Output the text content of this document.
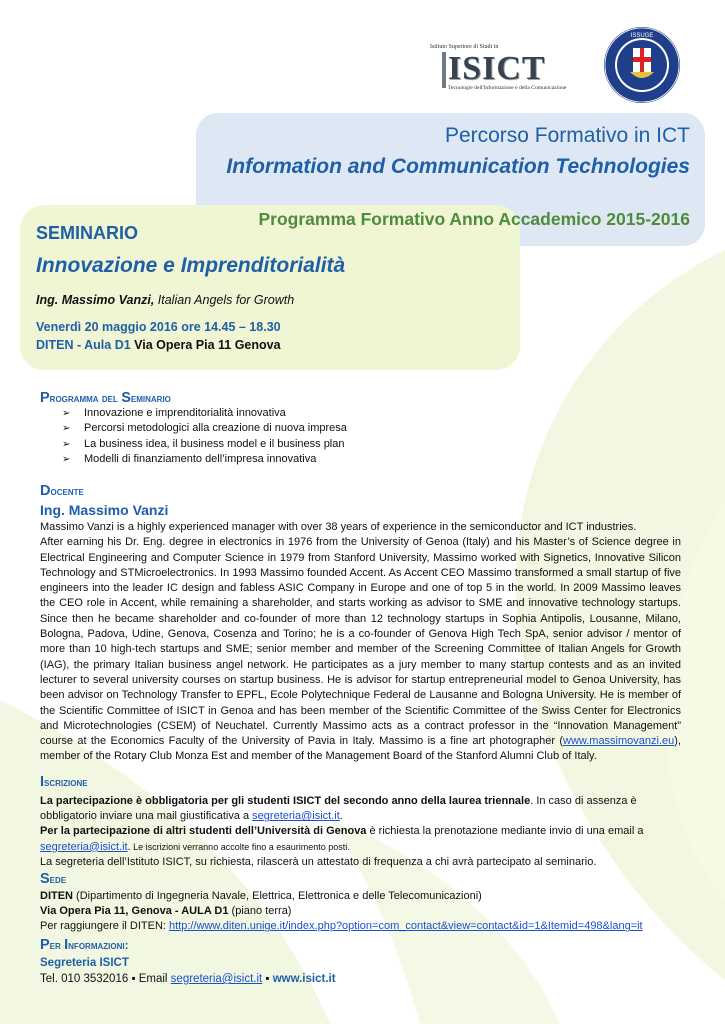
Istituto Superiore di Studi in
ISICT
Tecnologie dell'Informazione e della Comunicazione
ISSUGE
Percorso Formativo in ICT
Information and Communication Technologies
Programma Formativo Anno Accademico 2015-2016
SEMINARIO
Innovazione e Imprenditorialità
Ing. Massimo Vanzi, Italian Angels for Growth
Venerdì 20 maggio 2016 ore 14.45 – 18.30
DITEN - Aula D1 Via Opera Pia 11 Genova
Programma del Seminario
➢ Innovazione e imprenditorialità innovativa
➢ Percorsi metodologici alla creazione di nuova impresa
➢ La business idea, il business model e il business plan
➢ Modelli di finanziamento dell’impresa innovativa
Docente
Ing. Massimo Vanzi

Massimo Vanzi is a highly experienced manager with over 38 years of experience in the semiconductor and ICT industries.

After earning his Dr. Eng. degree in electronics in 1976 from the University of Genoa (Italy) and his Master’s of Science degree in Electrical Engineering and Computer Science in 1979 from Stanford University, Massimo worked with Signetics, Innovative Silicon Technology and STMicroelectronics. In 1993 Massimo founded Accent. As Accent CEO Massimo transformed a small startup of five engineers into the leader IC design and fabless ASIC Company in Europe and one of top 5 in the world. In 2009 Massimo leaves the CEO role in Accent, while remaining a shareholder, and starts working as advisor to SME and innovative technology startups. Since then he became shareholder and co-founder of more than 12 technology startups in Sophia Antipolis, Lousanne, Milano, Bologna, Padova, Udine, Genova, Cosenza and Torino; he is a co-founder of Genova High Tech SpA, senior advisor / mentor of more than 10 high-tech startups and SME; senior member and member of the Screening Committee of Italian Angels for Growth (IAG), the primary Italian business angel network. He participates as a jury member to many startup contests and as an invited lecturer to several university courses on startup business. He is advisor for startup entrepreneurial model to Genoa University, has been advisor on Technology Transfer to EPFL, Ecole Polytechnique Federal de Lausanne and Bologna University. He is member of the Scientific Committee of ISICT in Genoa and has been member of the Scientific Committee of the Swiss Center for Electronics and Microtechnologies (CSEM) of Neuchatel. Currently Massimo acts as a contract professor in the “Innovation Management” course at the Economics Faculty of the University of Pavia in Italy. Massimo is a fine art photographer (www.massimovanzi.eu), member of the Rotary Club Monza Est and member of the Management Board of the Stanford Alumni Club of Italy.

Iscrizione

La partecipazione è obbligatoria per gli studenti ISICT del secondo anno della laurea triennale. In caso di assenza è obbligatorio inviare una mail giustificativa a segreteria@isict.it.

Per la partecipazione di altri studenti dell’Università di Genova è richiesta la prenotazione mediante invio di una email a segreteria@isict.it. Le iscrizioni verranno accolte fino a esaurimento posti.

La segreteria dell’Istituto ISICT, su richiesta, rilascerà un attestato di frequenza a chi avrà partecipato al seminario.

Sede

DITEN (Dipartimento di Ingegneria Navale, Elettrica, Elettronica e delle Telecomunicazioni)

Via Opera Pia 11, Genova - AULA D1 (piano terra)

Per raggiungere il DITEN: http://www.diten.unige.it/index.php?option=com_contact&view=contact&id=1&Itemid=498&lang=it

Per Informazioni:

Segreteria ISICT

Tel. 010 3532016 ▪ Email segreteria@isict.it ▪ www.isict.it
